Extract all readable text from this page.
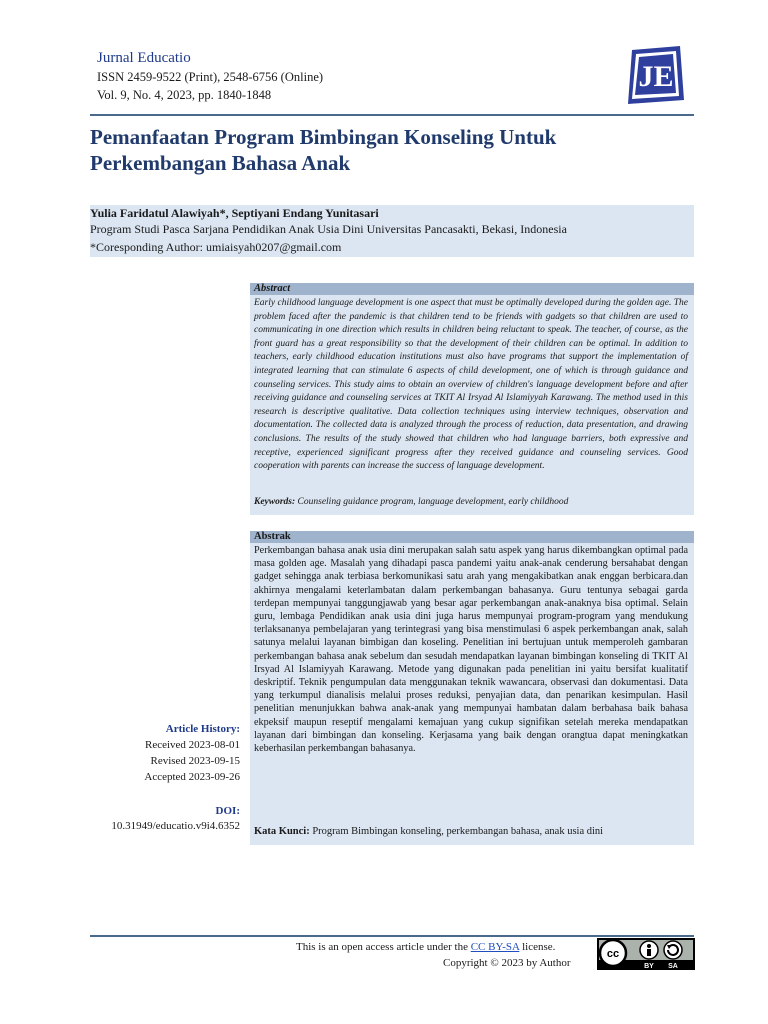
Jurnal Educatio
ISSN 2459-9522 (Print), 2548-6756 (Online)
Vol. 9, No. 4, 2023, pp. 1840-1848
JE
Pemanfaatan Program Bimbingan Konseling Untuk
Perkembangan Bahasa Anak
Yulia Faridatul Alawiyah*, Septiyani Endang Yunitasari
Program Studi Pasca Sarjana Pendidikan Anak Usia Dini Universitas Pancasakti, Bekasi, Indonesia
*Coresponding Author: umiaisyah0207@gmail.com
Abstract
Early childhood language development is one aspect that must be optimally developed during the golden age. The problem faced after the pandemic is that children tend to be friends with gadgets so that children are used to communicating in one direction which results in children being reluctant to speak. The teacher, of course, as the front guard has a great responsibility so that the development of their children can be optimal. In addition to teachers, early childhood education institutions must also have programs that support the implementation of integrated learning that can stimulate 6 aspects of child development, one of which is through guidance and counseling services. This study aims to obtain an overview of children's language development before and after receiving guidance and counseling services at TKIT Al Irsyad Al Islamiyyah Karawang. The method used in this research is descriptive qualitative. Data collection techniques using interview techniques, observation and documentation. The collected data is analyzed through the process of reduction, data presentation, and drawing conclusions. The results of the study showed that children who had language barriers, both expressive and receptive, experienced significant progress after they received guidance and counseling services. Good cooperation with parents can increase the success of language development.
Keywords: Counseling guidance program, language development, early childhood
Abstrak
Perkembangan bahasa anak usia dini merupakan salah satu aspek yang harus dikembangkan optimal pada masa golden age. Masalah yang dihadapi pasca pandemi yaitu anak-anak cenderung bersahabat dengan gadget sehingga anak terbiasa berkomunikasi satu arah yang mengakibatkan anak enggan berbicara.dan akhirnya mengalami keterlambatan dalam perkembangan bahasanya. Guru tentunya sebagai garda terdepan mempunyai tanggungjawab yang besar agar perkembangan anak-anaknya bisa optimal. Selain guru, lembaga Pendidikan anak usia dini juga harus mempunyai program-program yang mendukung terlaksananya pembelajaran yang terintegrasi yang bisa menstimulasi 6 aspek perkembangan anak, salah satunya melalui layanan bimbigan dan koseling. Penelitian ini bertujuan untuk memperoleh gambaran perkembangan bahasa anak sebelum dan sesudah mendapatkan layanan bimbingan konseling di TKIT Al Irsyad Al Islamiyyah Karawang. Metode yang digunakan pada penelitian ini yaitu bersifat kualitatif deskriptif. Teknik pengumpulan data menggunakan teknik wawancara, observasi dan dokumentasi. Data yang terkumpul dianalisis melalui proses reduksi, penyajian data, dan penarikan kesimpulan. Hasil penelitian menunjukkan bahwa anak-anak yang mempunyai hambatan dalam berbahasa baik bahasa ekpeksif maupun reseptif mengalami kemajuan yang cukup signifikan setelah mereka mendapatkan layanan dari bimbingan dan konseling. Kerjasama yang baik dengan orangtua dapat meningkatkan keberhasilan perkembangan bahasanya.
Kata Kunci: Program Bimbingan konseling, perkembangan bahasa, anak usia dini
Article History:
Received 2023-08-01
Revised 2023-09-15
Accepted 2023-09-26
DOI:
10.31949/educatio.v9i4.6352
This is an open access article under the CC BY-SA license.
Copyright © 2023 by Author
cc
BY SA
